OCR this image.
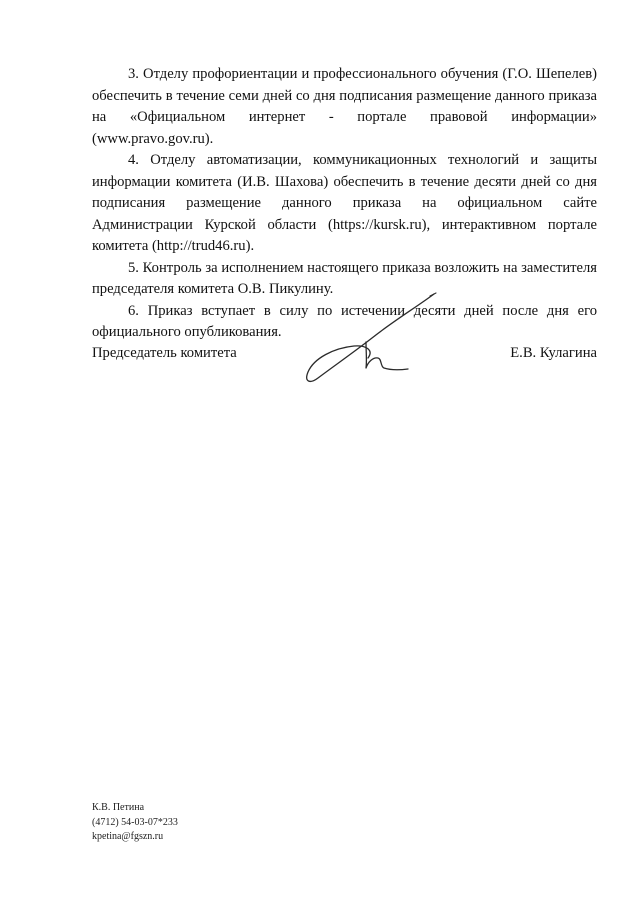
3. Отделу профориентации и профессионального обучения (Г.О. Шепелев) обеспечить в течение семи дней со дня подписания размещение данного приказа на «Официальном интернет - портале правовой информации» (www.pravo.gov.ru).

4. Отделу автоматизации, коммуникационных технологий и защиты информации комитета (И.В. Шахова) обеспечить в течение десяти дней со дня подписания размещение данного приказа на официальном сайте Администрации Курской области (https://kursk.ru), интерактивном портале комитета (http://trud46.ru).

5. Контроль за исполнением настоящего приказа возложить на заместителя председателя комитета О.В. Пикулину.

6. Приказ вступает в силу по истечении десяти дней после дня его официального опубликования.

Председатель комитета	Е.В. Кулагина
К.В. Петина
(4712) 54-03-07*233
kpetina@fgszn.ru
